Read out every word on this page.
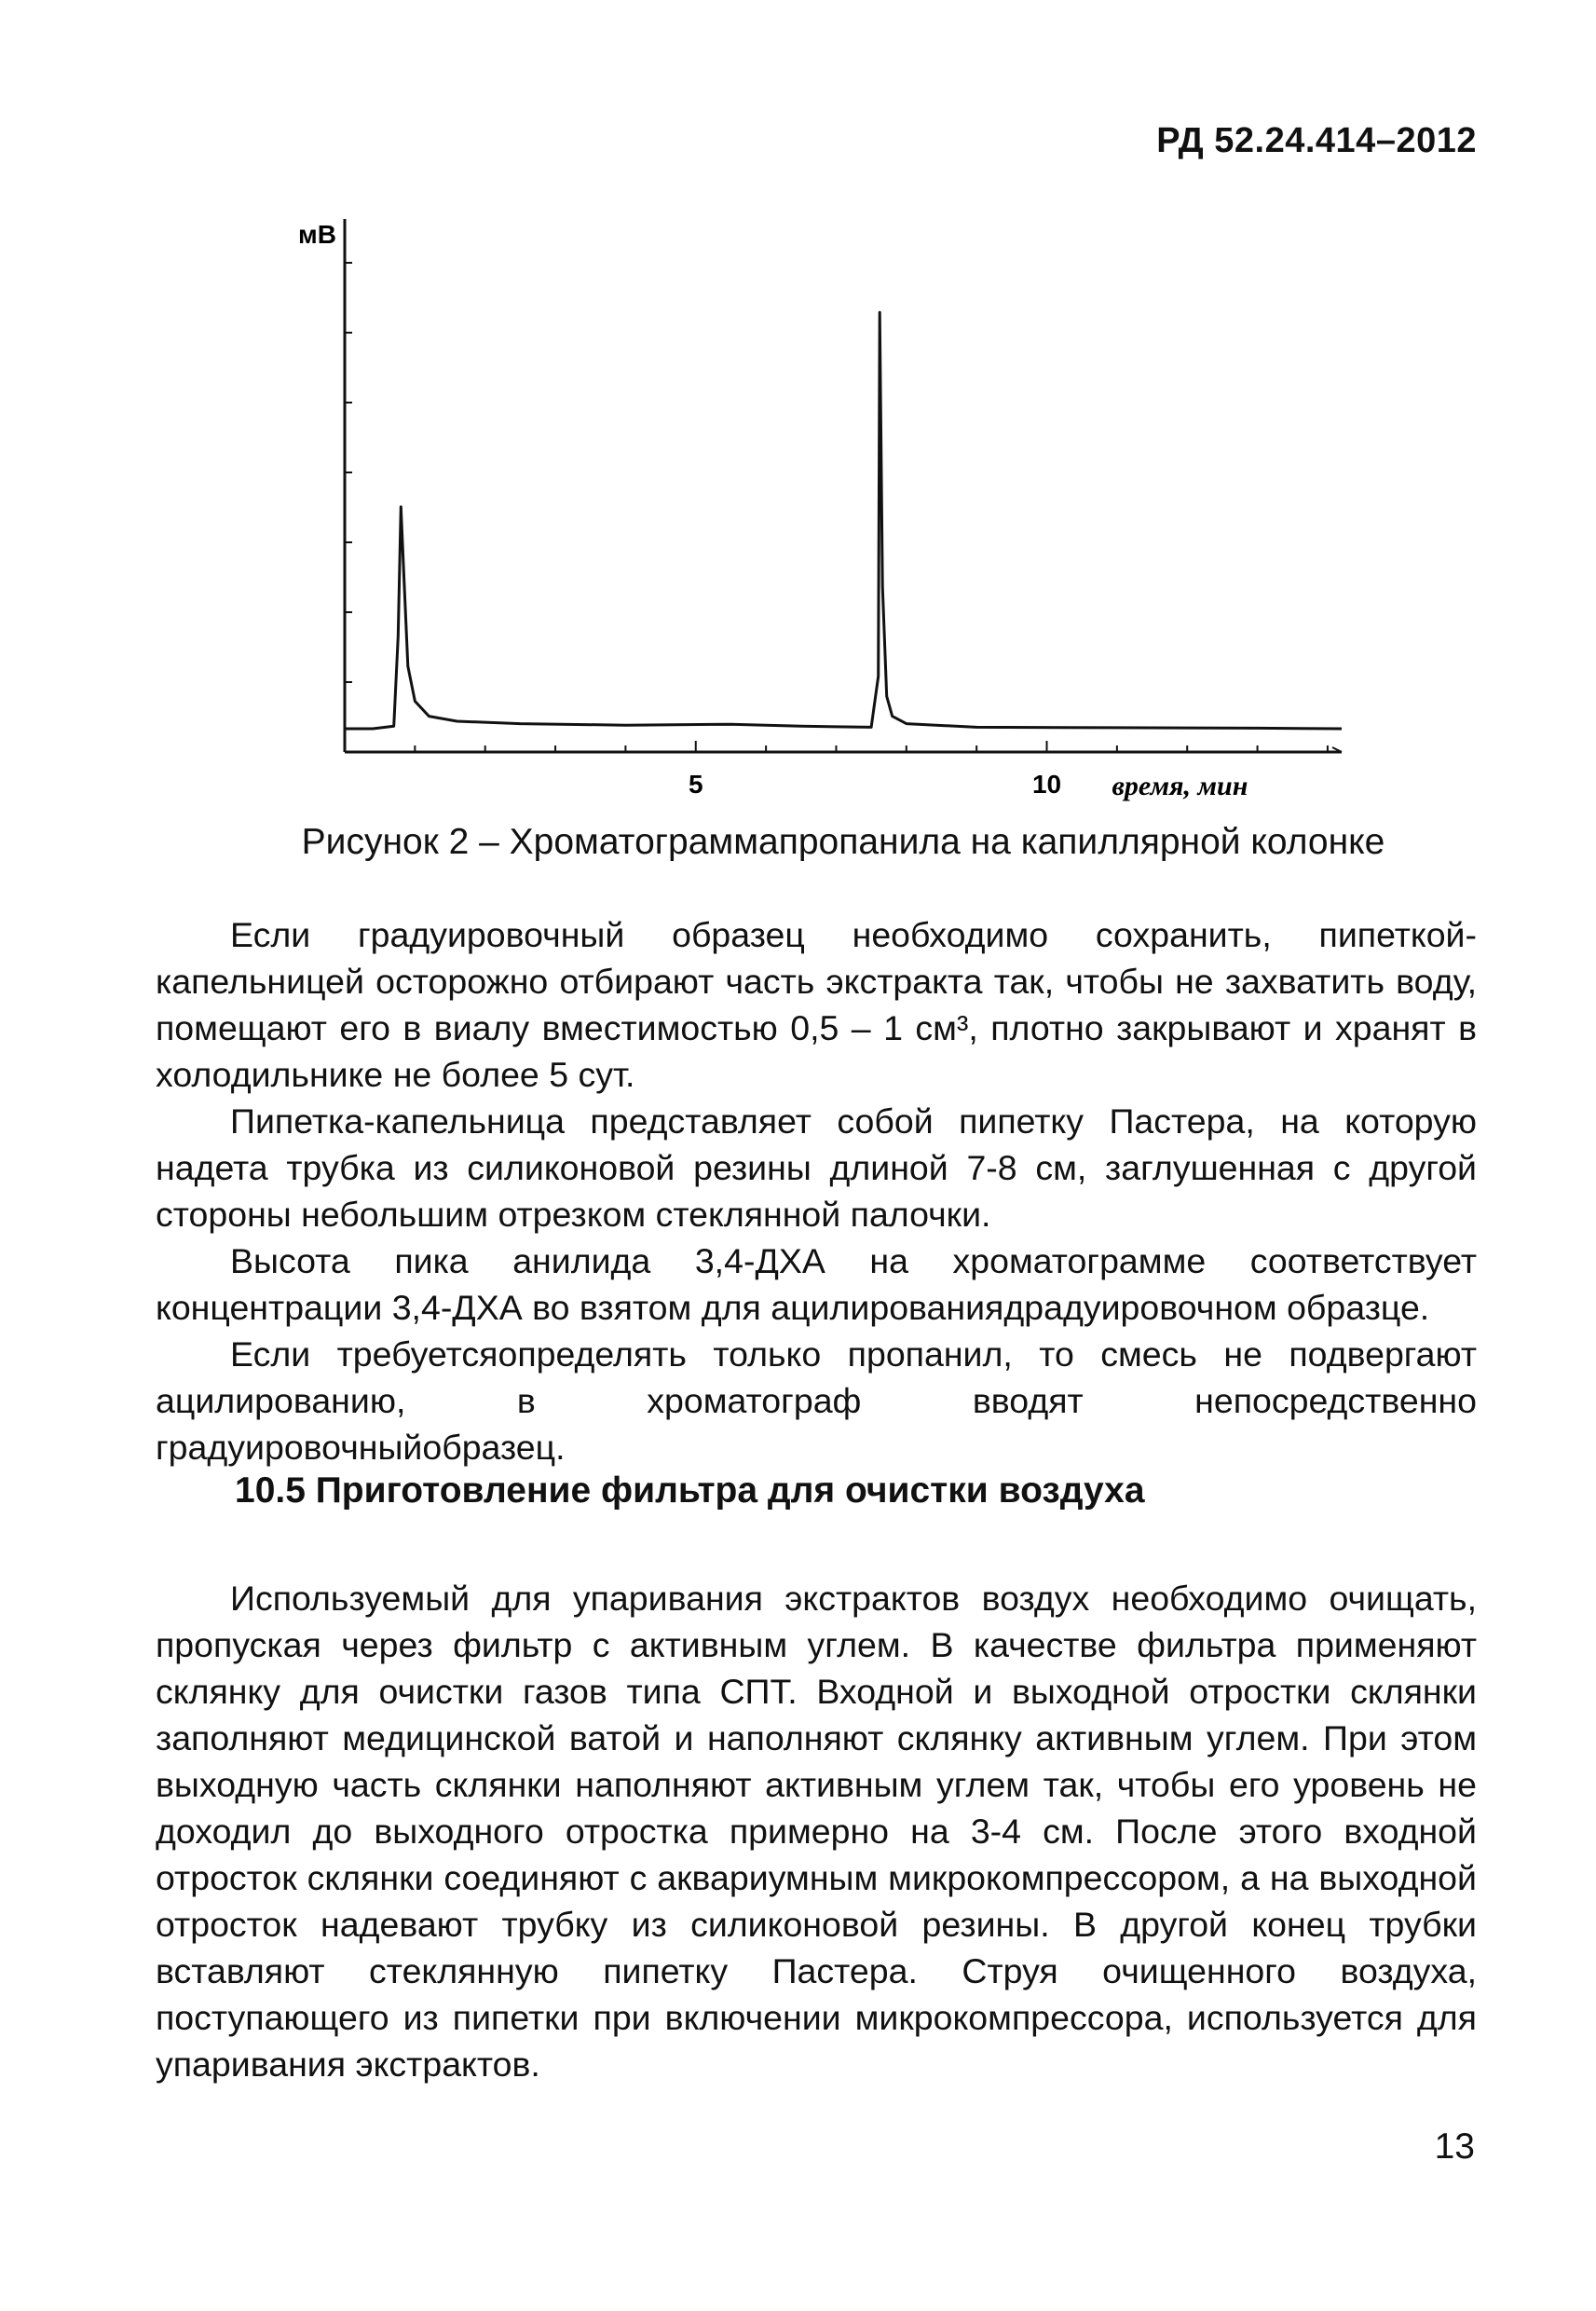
РД 52.24.414–2012
мВ
5	10 время, мин
Рисунок 2 – Хроматограммапропанила на капиллярной колонке

Если градуировочный образец необходимо сохранить, пипеткой-капельницей осторожно отбирают часть экстракта так, чтобы не захватить воду, помещают его в виалу вместимостью 0,5 – 1 см³, плотно закрывают и хранят в холодильнике не более 5 сут.

Пипетка-капельница представляет собой пипетку Пастера, на которую надета трубка из силиконовой резины длиной 7-8 см, заглушенная с другой стороны небольшим отрезком стеклянной палочки.

Высота пика анилида 3,4-ДХА на хроматограмме соответствует концентрации 3,4-ДХА во взятом для ацилированиядрадуировочном образце.

Если требуетсяопределять только пропанил, то смесь не подвергают ацилированию, в хроматограф вводят непосредственно градуировочныйобразец.

10.5 Приготовление фильтра для очистки воздуха

Используемый для упаривания экстрактов воздух необходимо очищать, пропуская через фильтр с активным углем. В качестве фильтра применяют склянку для очистки газов типа СПТ. Входной и выходной отростки склянки заполняют медицинской ватой и наполняют склянку активным углем. При этом выходную часть склянки наполняют активным углем так, чтобы его уровень не доходил до выходного отростка примерно на 3-4 см. После этого входной отросток склянки соединяют с аквариумным микрокомпрессором, а на выходной отросток надевают трубку из силиконовой резины. В другой конец трубки вставляют стеклянную пипетку Пастера. Струя очищенного воздуха, поступающего из пипетки при включении микрокомпрессора, используется для упаривания экстрактов.

13
